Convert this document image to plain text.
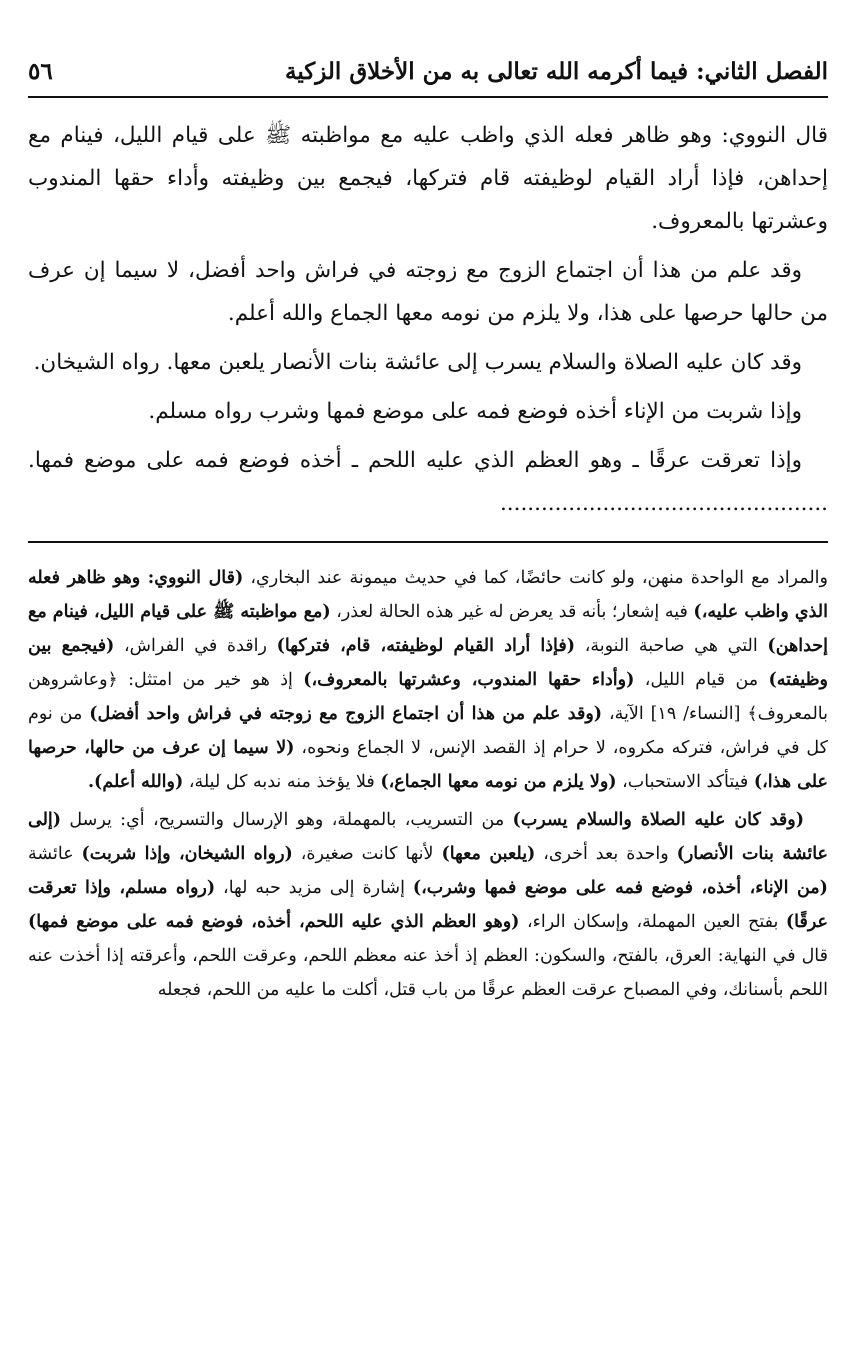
الفصل الثاني: فيما أكرمه الله تعالى به من الأخلاق الزكية
٥٦

قال النووي: وهو ظاهر فعله الذي واظب عليه مع مواظبته ﷺ على قيام الليل، فينام مع إحداهن، فإذا أراد القيام لوظيفته قام فتركها، فيجمع بين وظيفته وأداء حقها المندوب وعشرتها بالمعروف.

وقد علم من هذا أن اجتماع الزوج مع زوجته في فراش واحد أفضل، لا سيما إن عرف من حالها حرصها على هذا، ولا يلزم من نومه معها الجماع والله أعلم.

وقد كان عليه الصلاة والسلام يسرب إلى عائشة بنات الأنصار يلعبن معها. رواه الشيخان.

وإذا شربت من الإناء أخذه فوضع فمه على موضع فمها وشرب رواه مسلم.

وإذا تعرقت عرقًا ـ وهو العظم الذي عليه اللحم ـ أخذه فوضع فمه على موضع فمها. ................................................

والمراد مع الواحدة منهن، ولو كانت حائضًا، كما في حديث ميمونة عند البخاري، (قال النووي: وهو ظاهر فعله الذي واظب عليه،) فيه إشعار؛ بأنه قد يعرض له غير هذه الحالة لعذر، (مع مواظبته ﷺ على قيام الليل، فينام مع إحداهن) التي هي صاحبة النوبة، (فإذا أراد القيام لوظيفته، قام، فتركها) راقدة في الفراش، (فيجمع بين وظيفته) من قيام الليل، (وأداء حقها المندوب، وعشرتها بالمعروف،) إذ هو خير من امتثل: ﴿وعاشروهن بالمعروف﴾ [النساء/ ١٩] الآية، (وقد علم من هذا أن اجتماع الزوج مع زوجته في فراش واحد أفضل) من نوم كل في فراش، فتركه مكروه، لا حرام إذ القصد الإنس، لا الجماع ونحوه، (لا سيما إن عرف من حالها، حرصها على هذا،) فيتأكد الاستحباب، (ولا يلزم من نومه معها الجماع،) فلا يؤخذ منه ندبه كل ليلة، (والله أعلم).

(وقد كان عليه الصلاة والسلام يسرب) من التسريب، بالمهملة، وهو الإرسال والتسريح، أي: يرسل (إلى عائشة بنات الأنصار) واحدة بعد أخرى، (يلعبن معها) لأنها كانت صغيرة، (رواه الشيخان، وإذا شربت) عائشة (من الإناء، أخذه، فوضع فمه على موضع فمها وشرب،) إشارة إلى مزيد حبه لها، (رواه مسلم، وإذا تعرقت عرقًا) بفتح العين المهملة، وإسكان الراء، (وهو العظم الذي عليه اللحم، أخذه، فوضع فمه على موضع فمها) قال في النهاية: العرق، بالفتح، والسكون: العظم إذ أخذ عنه معظم اللحم، وعرقت اللحم، وأعرقته إذا أخذت عنه اللحم بأسنانك، وفي المصباح عرقت العظم عرقًا من باب قتل، أكلت ما عليه من اللحم، فجعله
